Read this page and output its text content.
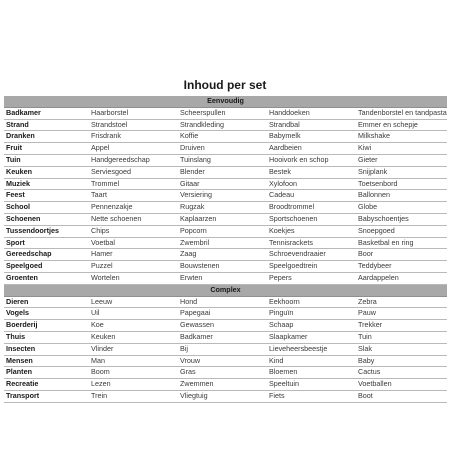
Inhoud per set
Eenvoudig				
Badkamer	Haarborstel	Scheerspullen	Handdoeken	Tandenborstel en tandpasta
Strand	Strandstoel	Strandkleding	Strandbal	Emmer en schepje
Dranken	Frisdrank	Koffie	Babymelk	Milkshake
Fruit	Appel	Druiven	Aardbeien	Kiwi
Tuin	Handgereedschap	Tuinslang	Hooivork en schop	Gieter
Keuken	Serviesgoed	Blender	Bestek	Snijplank
Muziek	Trommel	Gitaar	Xylofoon	Toetsenbord
Feest	Taart	Versiering	Cadeau	Ballonnen
School	Pennenzakje	Rugzak	Broodtrommel	Globe
Schoenen	Nette schoenen	Kaplaarzen	Sportschoenen	Babyschoentjes
Tussendoortjes	Chips	Popcorn	Koekjes	Snoepgoed
Sport	Voetbal	Zwembril	Tennisrackets	Basketbal en ring
Gereedschap	Hamer	Zaag	Schroevendraaier	Boor
Speelgoed	Puzzel	Bouwstenen	Speelgoedtrein	Teddybeer
Groenten	Wortelen	Erwten	Pepers	Aardappelen
Complex				
Dieren	Leeuw	Hond	Eekhoorn	Zebra
Vogels	Uil	Papegaai	Pinguïn	Pauw
Boerderij	Koe	Gewassen	Schaap	Trekker
Thuis	Keuken	Badkamer	Slaapkamer	Tuin
Insecten	Vlinder	Bij	Lieveheersbeestje	Slak
Mensen	Man	Vrouw	Kind	Baby
Planten	Boom	Gras	Bloemen	Cactus
Recreatie	Lezen	Zwemmen	Speeltuin	Voetballen
Transport	Trein	Vliegtuig	Fiets	Boot
